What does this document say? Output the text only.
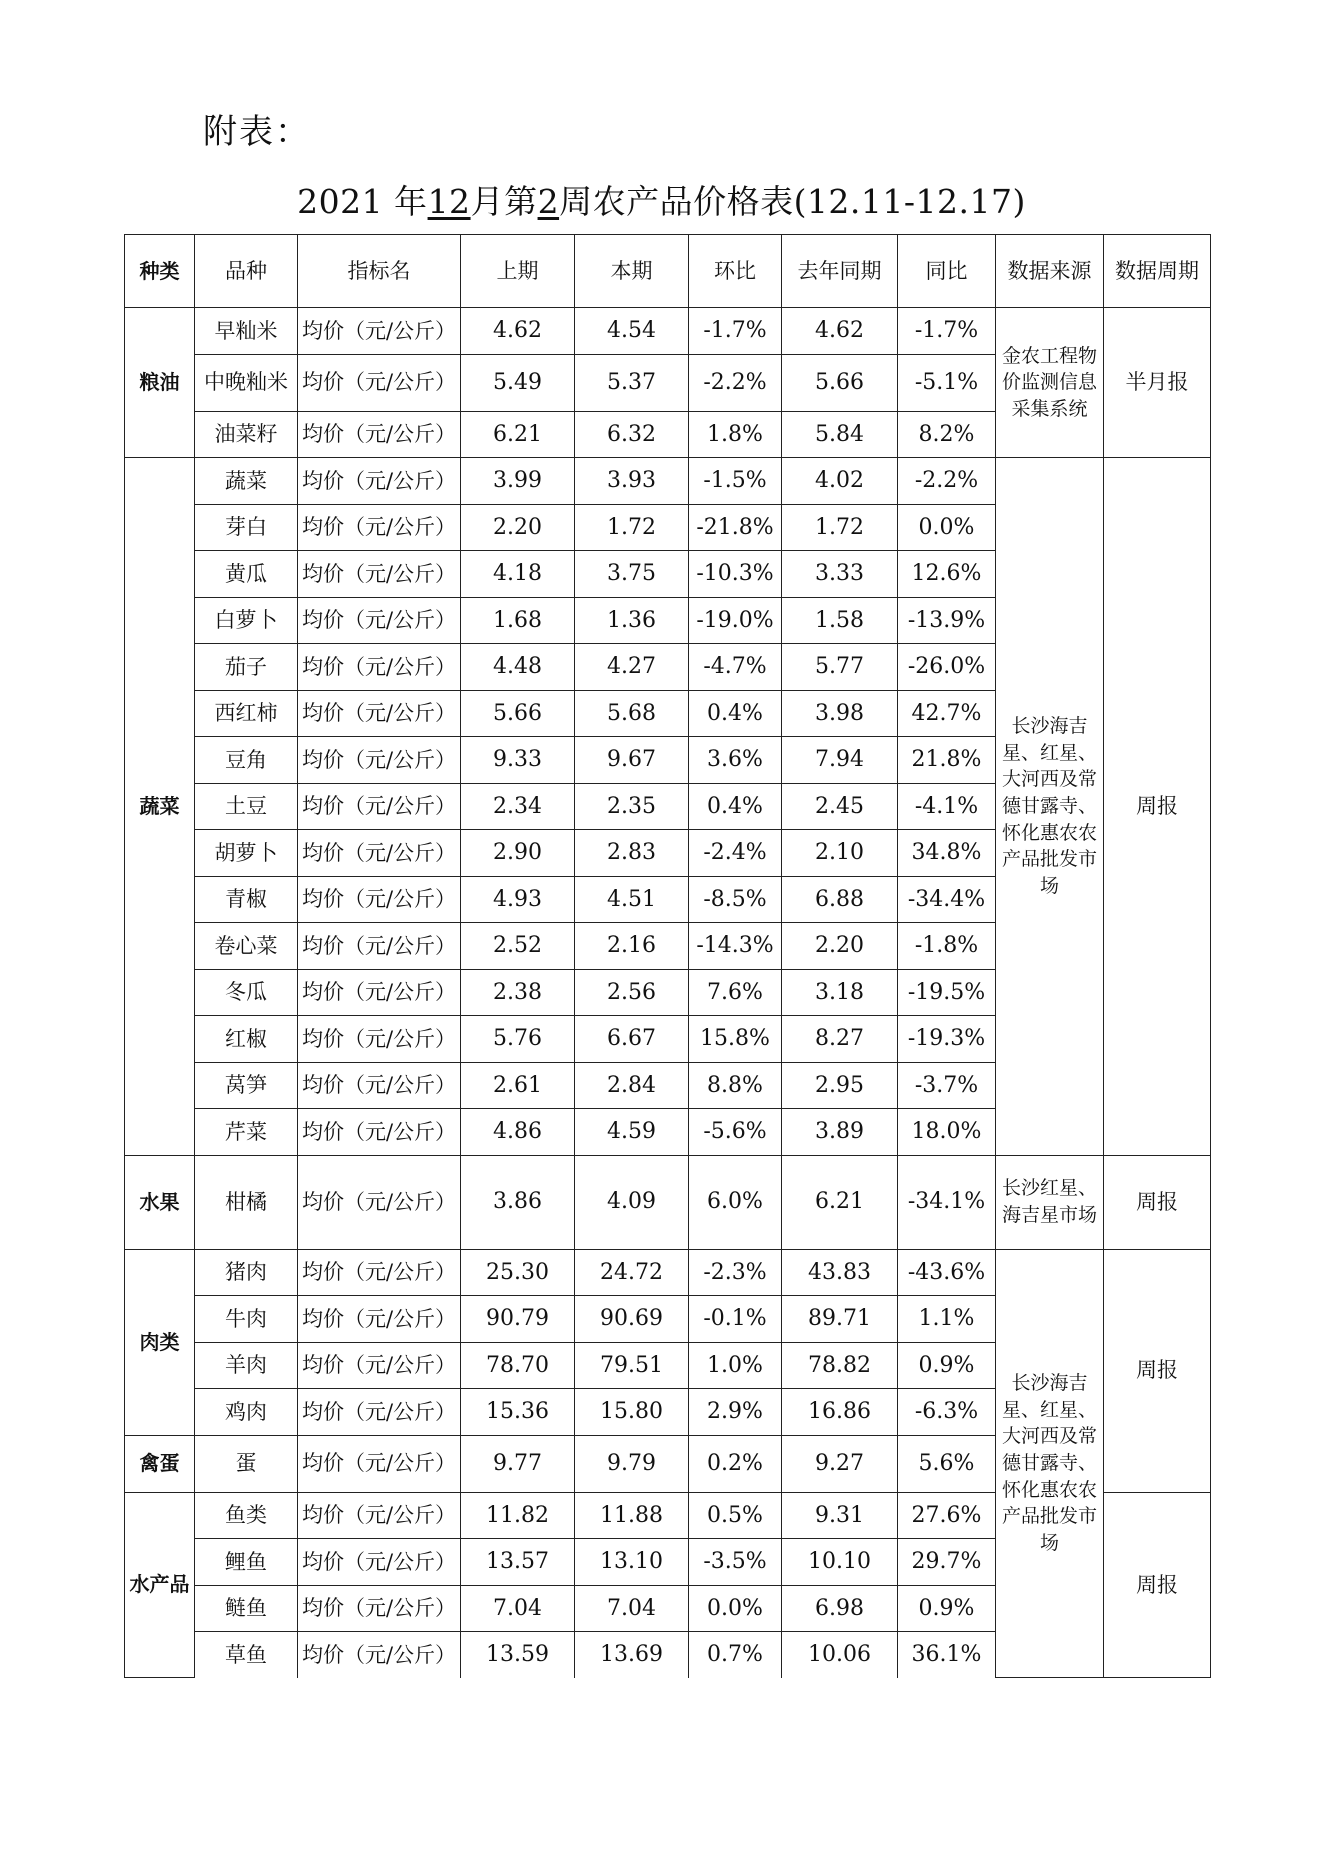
附表：
2021 年12月第2周农产品价格表(12.11-12.17)
种类	品种	指标名	上期	本期	环比	去年同期	同比	数据来源	数据周期
粮油	早籼米	均价（元/公斤）	4.62	4.54	-1.7%	4.62	-1.7%	金农工程物价监测信息采集系统	半月报
	中晚籼米	均价（元/公斤）	5.49	5.37	-2.2%	5.66	-5.1%		
	油菜籽	均价（元/公斤）	6.21	6.32	1.8%	5.84	8.2%		
蔬菜	蔬菜	均价（元/公斤）	3.99	3.93	-1.5%	4.02	-2.2%	长沙海吉星、红星、大河西及常德甘露寺、怀化惠农农产品批发市场	周报
	芽白	均价（元/公斤）	2.20	1.72	-21.8%	1.72	0.0%		
	黄瓜	均价（元/公斤）	4.18	3.75	-10.3%	3.33	12.6%		
	白萝卜	均价（元/公斤）	1.68	1.36	-19.0%	1.58	-13.9%		
	茄子	均价（元/公斤）	4.48	4.27	-4.7%	5.77	-26.0%		
	西红柿	均价（元/公斤）	5.66	5.68	0.4%	3.98	42.7%		
	豆角	均价（元/公斤）	9.33	9.67	3.6%	7.94	21.8%		
	土豆	均价（元/公斤）	2.34	2.35	0.4%	2.45	-4.1%		
	胡萝卜	均价（元/公斤）	2.90	2.83	-2.4%	2.10	34.8%		
	青椒	均价（元/公斤）	4.93	4.51	-8.5%	6.88	-34.4%		
	卷心菜	均价（元/公斤）	2.52	2.16	-14.3%	2.20	-1.8%		
	冬瓜	均价（元/公斤）	2.38	2.56	7.6%	3.18	-19.5%		
	红椒	均价（元/公斤）	5.76	6.67	15.8%	8.27	-19.3%		
	莴笋	均价（元/公斤）	2.61	2.84	8.8%	2.95	-3.7%		
	芹菜	均价（元/公斤）	4.86	4.59	-5.6%	3.89	18.0%		
水果	柑橘	均价（元/公斤）	3.86	4.09	6.0%	6.21	-34.1%	长沙红星、海吉星市场	周报
肉类	猪肉	均价（元/公斤）	25.30	24.72	-2.3%	43.83	-43.6%	长沙海吉星、红星、大河西及常德甘露寺、怀化惠农农产品批发市场	周报
	牛肉	均价（元/公斤）	90.79	90.69	-0.1%	89.71	1.1%		
	羊肉	均价（元/公斤）	78.70	79.51	1.0%	78.82	0.9%		
	鸡肉	均价（元/公斤）	15.36	15.80	2.9%	16.86	-6.3%		
禽蛋	蛋	均价（元/公斤）	9.77	9.79	0.2%	9.27	5.6%		
水产品	鱼类	均价（元/公斤）	11.82	11.88	0.5%	9.31	27.6%		周报
	鲤鱼	均价（元/公斤）	13.57	13.10	-3.5%	10.10	29.7%		
	鲢鱼	均价（元/公斤）	7.04	7.04	0.0%	6.98	0.9%		
	草鱼	均价（元/公斤）	13.59	13.69	0.7%	10.06	36.1%		
